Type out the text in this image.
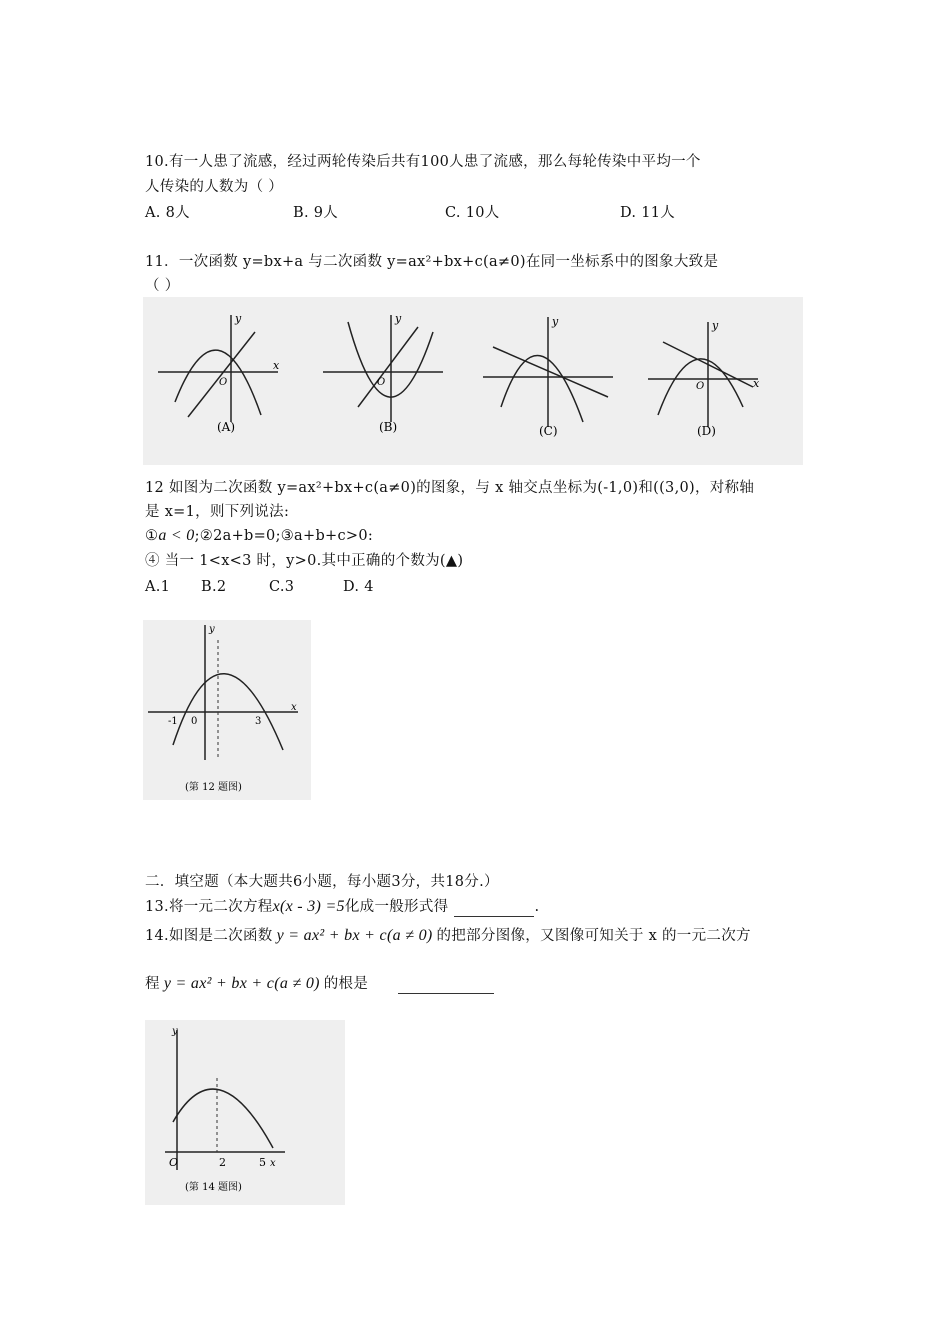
10.有一人患了流感，经过两轮传染后共有100人患了流感，那么每轮传染中平均一个
人传染的人数为（ ）
A. 8人	B. 9人	C. 10人	D. 11人
11．一次函数 y=bx+a 与二次函数 y=ax²+bx+c(a≠0)在同一坐标系中的图象大致是
（ ）
x
y
O
(A)
y
O
(B)
y
(C)
x
y
O
(D)
12 如图为二次函数 y=ax²+bx+c(a≠0)的图象，与 x 轴交点坐标为(-1,0)和((3,0)，对称轴
是 x=1，则下列说法:
①a < 0;②2a+b=0;③a+b+c>0:
④ 当一 1<x<3 时，y>0.其中正确的个数为(▲)
A.1 B.2	C.3	D. 4
x
y
-1 0	3
(第 12 题图)
二．填空题（本大题共6小题，每小题3分，共18分.）
13.将一元二次方程x(x - 3) =5化成一般形式得	.
14.如图是二次函数 y = ax² + bx + c(a ≠ 0) 的把部分图像，又图像可知关于 x 的一元二次方
程 y = ax² + bx + c(a ≠ 0) 的根是
x
y
O	2	5
(第 14 题图)
